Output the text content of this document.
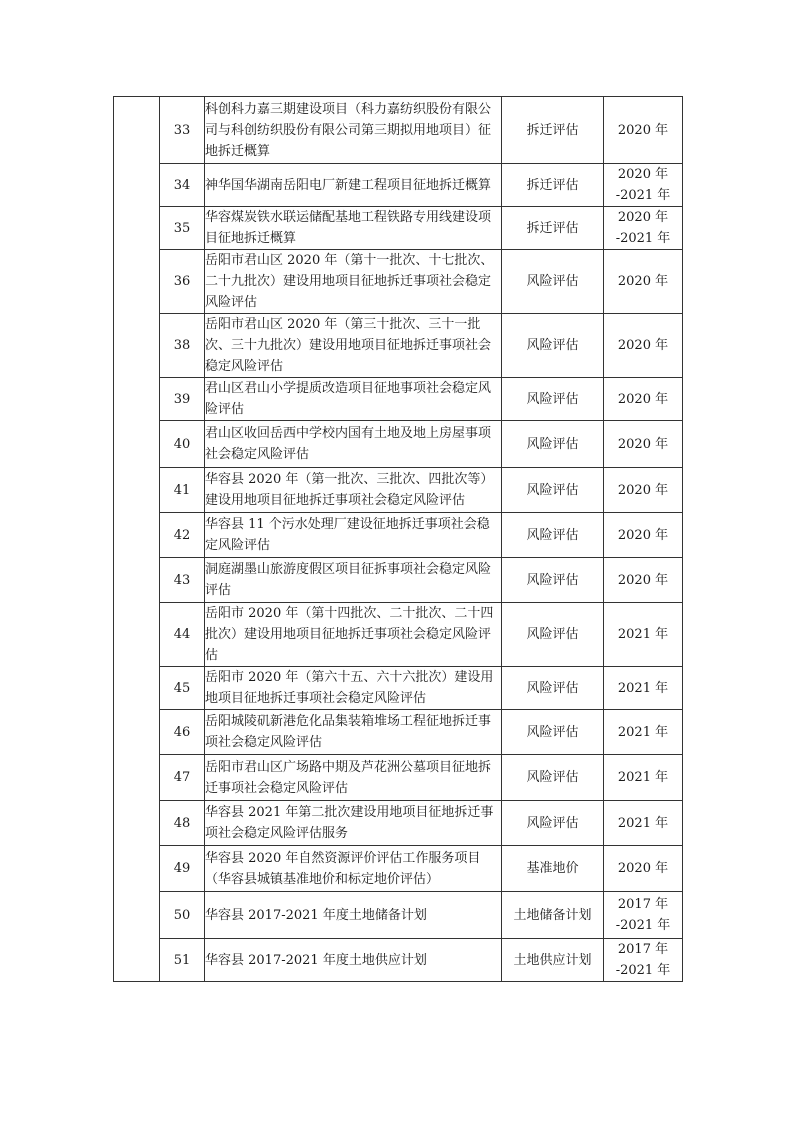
	33	科创科力嘉三期建设项目（科力嘉纺织股份有限公司与科创纺织股份有限公司第三期拟用地项目）征地拆迁概算	拆迁评估	2020 年
	34	神华国华湖南岳阳电厂新建工程项目征地拆迁概算	拆迁评估	2020 年
-2021 年
	35	华容煤炭铁水联运储配基地工程铁路专用线建设项目征地拆迁概算	拆迁评估	2020 年
-2021 年
	36	岳阳市君山区 2020 年（第十一批次、十七批次、二十九批次）建设用地项目征地拆迁事项社会稳定风险评估	风险评估	2020 年
	38	岳阳市君山区 2020 年（第三十批次、三十一批次、三十九批次）建设用地项目征地拆迁事项社会稳定风险评估	风险评估	2020 年
	39	君山区君山小学提质改造项目征地事项社会稳定风险评估	风险评估	2020 年
	40	君山区收回岳西中学校内国有土地及地上房屋事项社会稳定风险评估	风险评估	2020 年
	41	华容县 2020 年（第一批次、三批次、四批次等）建设用地项目征地拆迁事项社会稳定风险评估	风险评估	2020 年
	42	华容县 11 个污水处理厂建设征地拆迁事项社会稳定风险评估	风险评估	2020 年
	43	洞庭湖墨山旅游度假区项目征拆事项社会稳定风险评估	风险评估	2020 年
	44	岳阳市 2020 年（第十四批次、二十批次、二十四批次）建设用地项目征地拆迁事项社会稳定风险评估	风险评估	2021 年
	45	岳阳市 2020 年（第六十五、六十六批次）建设用地项目征地拆迁事项社会稳定风险评估	风险评估	2021 年
	46	岳阳城陵矶新港危化品集装箱堆场工程征地拆迁事项社会稳定风险评估	风险评估	2021 年
	47	岳阳市君山区广场路中期及芦花洲公墓项目征地拆迁事项社会稳定风险评估	风险评估	2021 年
	48	华容县 2021 年第二批次建设用地项目征地拆迁事项社会稳定风险评估服务	风险评估	2021 年
	49	华容县 2020 年自然资源评价评估工作服务项目（华容县城镇基准地价和标定地价评估）	基准地价	2020 年
	50	华容县 2017-2021 年度土地储备计划	土地储备计划	2017 年
-2021 年
	51	华容县 2017-2021 年度土地供应计划	土地供应计划	2017 年
-2021 年
